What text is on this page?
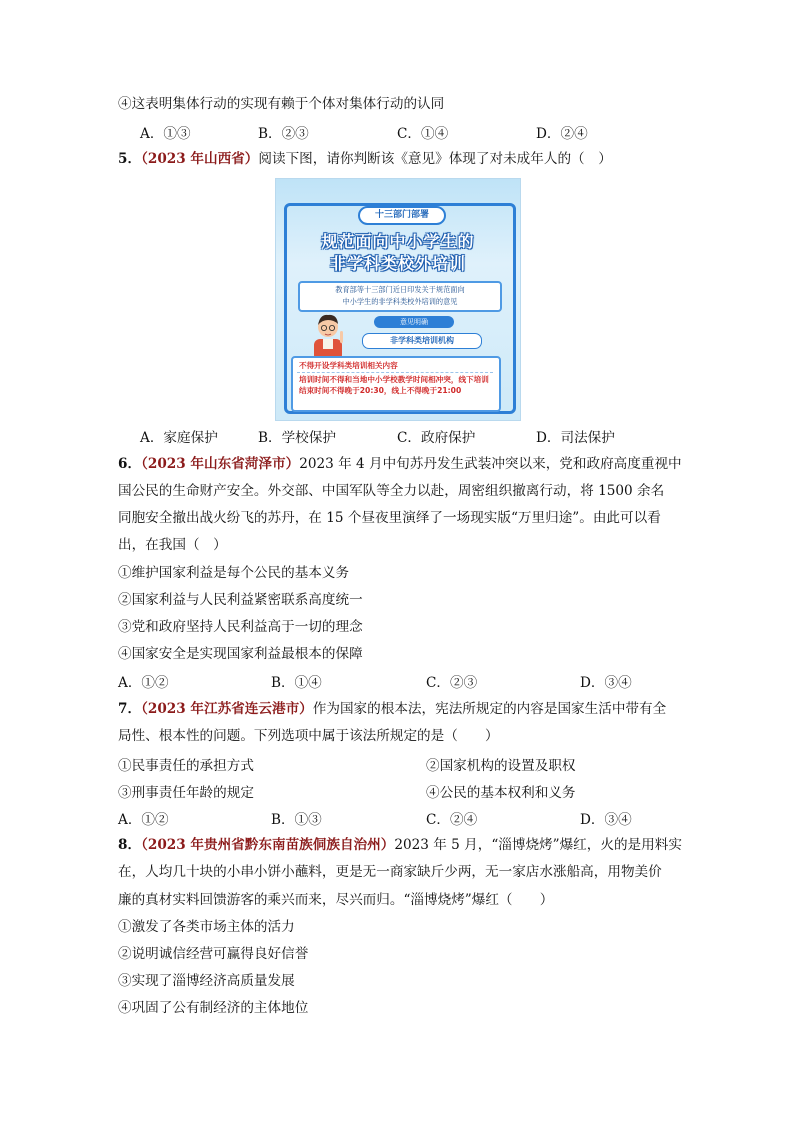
④这表明集体行动的实现有赖于个体对集体行动的认同
A．①③	B．②③	C．①④	D．②④
5．（2023 年山西省）阅读下图，请你判断该《意见》体现了对未成年人的（　）
十三部门部署
规范面向中小学生的
非学科类校外培训
教育部等十三部门近日印发关于规范面向
中小学生的非学科类校外培训的意见
意见明确
非学科类培训机构
不得开设学科类培训相关内容
培训时间不得和当地中小学校教学时间相冲突，线下培训结束时间不得晚于20:30，线上不得晚于21:00
A．家庭保护	B．学校保护	C．政府保护	D．司法保护
6．（2023 年山东省菏泽市）2023 年 4 月中旬苏丹发生武装冲突以来，党和政府高度重视中
国公民的生命财产安全。外交部、中国军队等全力以赴，周密组织撤离行动，将 1500 余名
同胞安全撤出战火纷飞的苏丹，在 15 个昼夜里演绎了一场现实版“万里归途”。由此可以看
出，在我国（　）
①维护国家利益是每个公民的基本义务
②国家利益与人民利益紧密联系高度统一
③党和政府坚持人民利益高于一切的理念
④国家安全是实现国家利益最根本的保障
A．①②	B．①④	C．②③	D．③④
7．（2023 年江苏省连云港市）作为国家的根本法，宪法所规定的内容是国家生活中带有全
局性、根本性的问题。下列选项中属于该法所规定的是（　　）
①民事责任的承担方式	②国家机构的设置及职权
③刑事责任年龄的规定	④公民的基本权利和义务
A．①②	B．①③	C．②④	D．③④
8．（2023 年贵州省黔东南苗族侗族自治州）2023 年 5 月，“淄博烧烤”爆红，火的是用料实
在，人均几十块的小串小饼小蘸料，更是无一商家缺斤少两，无一家店水涨船高，用物美价
廉的真材实料回馈游客的乘兴而来，尽兴而归。“淄博烧烤”爆红（　　）
①激发了各类市场主体的活力
②说明诚信经营可赢得良好信誉
③实现了淄博经济高质量发展
④巩固了公有制经济的主体地位
